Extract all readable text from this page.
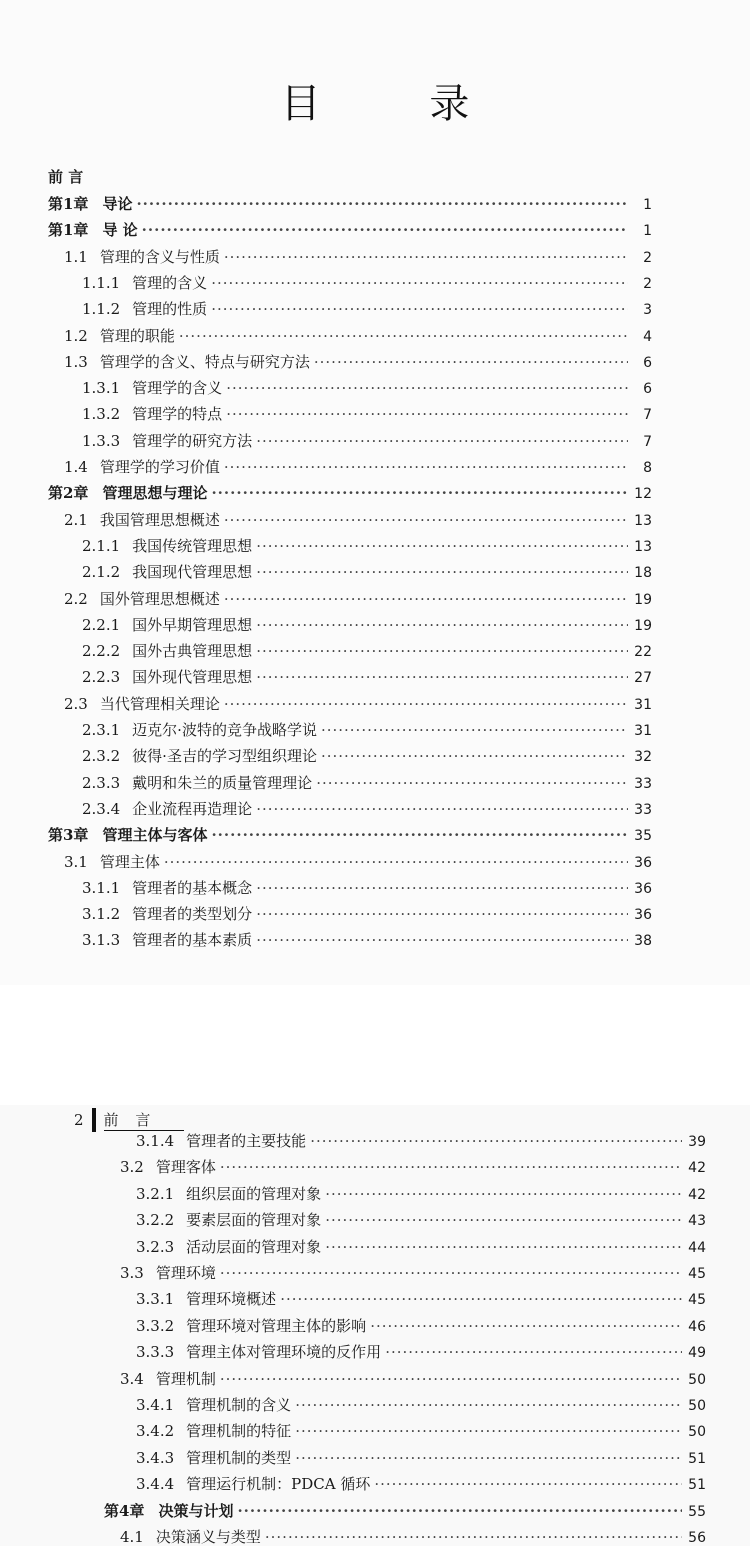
目 录
前 言
第1章 导论 ·····	1
第1章 导 论 ·····	1
1.1 管理的含义与性质 ·····	2
1.1.1 管理的含义 ·····	2
1.1.2 管理的性质 ·····	3
1.2 管理的职能 ·····	4
1.3 管理学的含义、特点与研究方法 ·····	6
1.3.1 管理学的含义 ·····	6
1.3.2 管理学的特点 ·····	7
1.3.3 管理学的研究方法 ·····	7
1.4 管理学的学习价值 ·····	8
第2章 管理思想与理论 ·····	12
2.1 我国管理思想概述 ·····	13
2.1.1 我国传统管理思想 ·····	13
2.1.2 我国现代管理思想 ·····	18
2.2 国外管理思想概述 ·····	19
2.2.1 国外早期管理思想 ·····	19
2.2.2 国外古典管理思想 ·····	22
2.2.3 国外现代管理思想 ·····	27
2.3 当代管理相关理论 ·····	31
2.3.1 迈克尔·波特的竞争战略学说 ·····	31
2.3.2 彼得·圣吉的学习型组织理论 ·····	32
2.3.3 戴明和朱兰的质量管理理论 ·····	33
2.3.4 企业流程再造理论 ·····	33
第3章 管理主体与客体 ·····	35
3.1 管理主体 ·····	36
3.1.1 管理者的基本概念 ·····	36
3.1.2 管理者的类型划分 ·····	36
3.1.3 管理者的基本素质 ·····	38
2 前 言
3.1.4 管理者的主要技能 ·····	39
3.2 管理客体 ·····	42
3.2.1 组织层面的管理对象 ·····	42
3.2.2 要素层面的管理对象 ·····	43
3.2.3 活动层面的管理对象 ·····	44
3.3 管理环境 ·····	45
3.3.1 管理环境概述 ·····	45
3.3.2 管理环境对管理主体的影响 ·····	46
3.3.3 管理主体对管理环境的反作用 ·····	49
3.4 管理机制 ·····	50
3.4.1 管理机制的含义 ·····	50
3.4.2 管理机制的特征 ·····	50
3.4.3 管理机制的类型 ·····	51
3.4.4 管理运行机制：PDCA 循环 ·····	51
第4章 决策与计划 ·····	55
4.1 决策涵义与类型 ·····	56
